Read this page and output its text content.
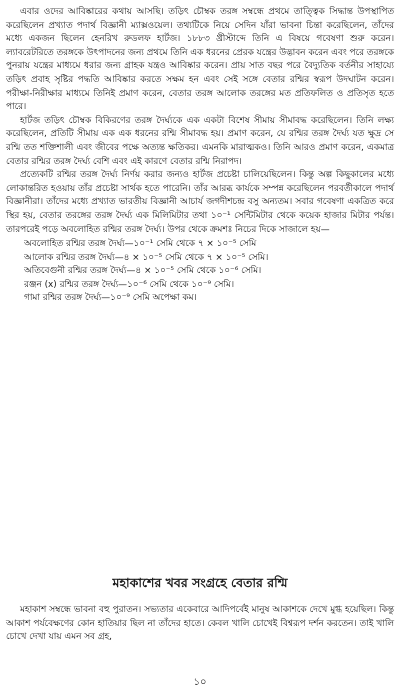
এবার ওদের আবিষ্কারের কথায় আসছি। তড়িৎ চৌম্বক তরঙ্গ সম্বন্ধে প্রথমে তাত্ত্বিক সিদ্ধান্ত উপস্থাপিত করেছিলেন প্রখ্যাত পদার্থ বিজ্ঞানী ম্যাক্সওয়েল। তথ্যটিকে নিয়ে সেদিন যাঁরা ভাবনা চিন্তা করেছিলেন, তাঁদের মধ্যে একজন ছিলেন হেনরিখ রুডলফ হার্টজ। ১৮৮৩ খ্রীস্টাব্দে তিনি এ বিষয়ে গবেষণা শুরু করেন। ল্যাবরেটরিতে তরঙ্গকে উৎপাদনের জন্য প্রথমে তিনি এক ধরনের প্রেরক যন্ত্রের উদ্ভাবন করেন এবং পরে তরঙ্গকে পুনরায় যন্ত্রের মাধ্যমে ধরার জন্য গ্রাহক যন্ত্রও আবিষ্কার করেন। প্রায় সাত বছর পরে বৈদ্যুতিক বর্তনীর সাহায্যে তড়িৎ প্রবাহ সৃষ্টির পদ্ধতি আবিষ্কার করতে সক্ষম হন এবং সেই সঙ্গে বেতার রশ্মির স্বরূপ উদঘাটন করেন। পরীক্ষা-নিরীক্ষার মাধ্যমে তিনিই প্রমাণ করেন, বেতার তরঙ্গ আলোক তরঙ্গের মত প্রতিফলিত ও প্রতিসৃত হতে পারে।

হার্টজ তড়িৎ চৌম্বক বিকিরণের তরঙ্গ দৈর্ঘ্যকে এক একটা বিশেষ সীমায় সীমাবদ্ধ করেছিলেন। তিনি লক্ষ্য করেছিলেন, প্রতিটি সীমায় এক এক ধরনের রশ্মি সীমাবদ্ধ হয়। প্রমাণ করেন, যে রশ্মির তরঙ্গ দৈর্ঘ্য যত ক্ষুদ্র সে রশ্মি তত শক্তিশালী এবং জীবের পক্ষে অত্যন্ত ক্ষতিকর। এমনকি মারাত্মকও। তিনি আরও প্রমাণ করেন, একমাত্র বেতার রশ্মির তরঙ্গ দৈর্ঘ্য বেশি এবং এই কারণে বেতার রশ্মি নিরাপদ।

প্রত্যেকটি রশ্মির তরঙ্গ দৈর্ঘ্য নির্ণয় করার জন্যও হার্টজ প্রচেষ্টা চালিয়েছিলেন। কিন্তু অল্প কিছুকালের মধ্যে লোকান্তরিত হওয়ায় তাঁর প্রচেষ্টা সার্থক হতে পারেনি। তাঁর আরব্ধ কার্যকে সম্পন্ন করেছিলেন পরবর্তীকালে পদার্থ বিজ্ঞানীরা। তাঁদের মধ্যে প্রখ্যাত ভারতীয় বিজ্ঞানী আচার্য জগদীশচন্দ্র বসু অন্যতম। সবার গবেষণা একত্রিত করে স্থির হয়, বেতার তরঙ্গের তরঙ্গ দৈর্ঘ্য এক মিলিমিটার তথা ১০⁻¹ সেন্টিমিটার থেকে কয়েক হাজার মিটার পর্যন্ত। তারপরেই পড়ে অবলোহিত রশ্মির তরঙ্গ দৈর্ঘ্য। উপর থেকে ক্রমশঃ নিচের দিকে সাজালে হয়—

অবলোহিত রশ্মির তরঙ্গ দৈর্ঘ্য—১০⁻¹ সেমি থেকে ৭ × ১০⁻⁵ সেমি
আলোক রশ্মির তরঙ্গ দৈর্ঘ্য—৪ × ১০⁻⁵ সেমি থেকে ৭ × ১০⁻⁵ সেমি।
অতিবেগুনী রশ্মির তরঙ্গ দৈর্ঘ্য—৪ × ১০⁻⁵ সেমি থেকে ১০⁻⁶ সেমি।
রঞ্জন (x) রশ্মির তরঙ্গ দৈর্ঘ্য—১০⁻⁶ সেমি থেকে ১০⁻⁹ সেমি।
গামা রশ্মির তরঙ্গ দৈর্ঘ্য—১০⁻⁹ সেমি অপেক্ষা কম।
মহাকাশের খবর সংগ্রহে বেতার রশ্মি

মহাকাশ সম্বন্ধে ভাবনা বহু পুরাতন। সভ্যতার একেবারে আদিপর্বেই মানুষ আকাশকে দেখে মুগ্ধ হয়েছিল। কিন্তু আকাশ পর্যবেক্ষণের কোন হাতিয়ার ছিল না তাঁদের হাতে। কেবল খালি চোখেই বিশ্বরূপ দর্শন করতেন। তাই খালি চোখে দেখা যায় এমন সব গ্রহ,

১০
